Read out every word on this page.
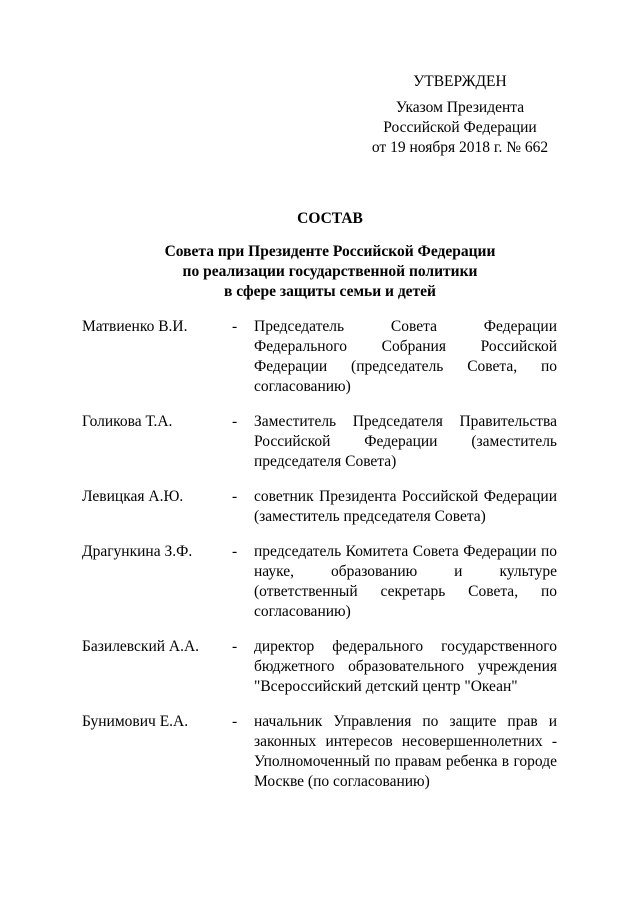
УТВЕРЖДЕН
Указом Президента
Российской Федерации
от 19 ноября 2018 г. № 662
СОСТАВ
Совета при Президенте Российской Федерации
по реализации государственной политики
в сфере защиты семьи и детей
Матвиенко В.И.	-	Председатель Совета Федерации Федерального Собрания Российской Федерации (председатель Совета, по согласованию)
Голикова Т.А.	-	Заместитель Председателя Правительства Российской Федерации (заместитель председателя Совета)
Левицкая А.Ю.	-	советник Президента Российской Федерации (заместитель председателя Совета)
Драгункина З.Ф.	-	председатель Комитета Совета Федерации по науке, образованию и культуре (ответственный секретарь Совета, по согласованию)
Базилевский А.А.	-	директор федерального государственного бюджетного образовательного учреждения "Всероссийский детский центр "Океан"
Бунимович Е.А.	-	начальник Управления по защите прав и законных интересов несовершеннолетних - Уполномоченный по правам ребенка в городе Москве (по согласованию)
